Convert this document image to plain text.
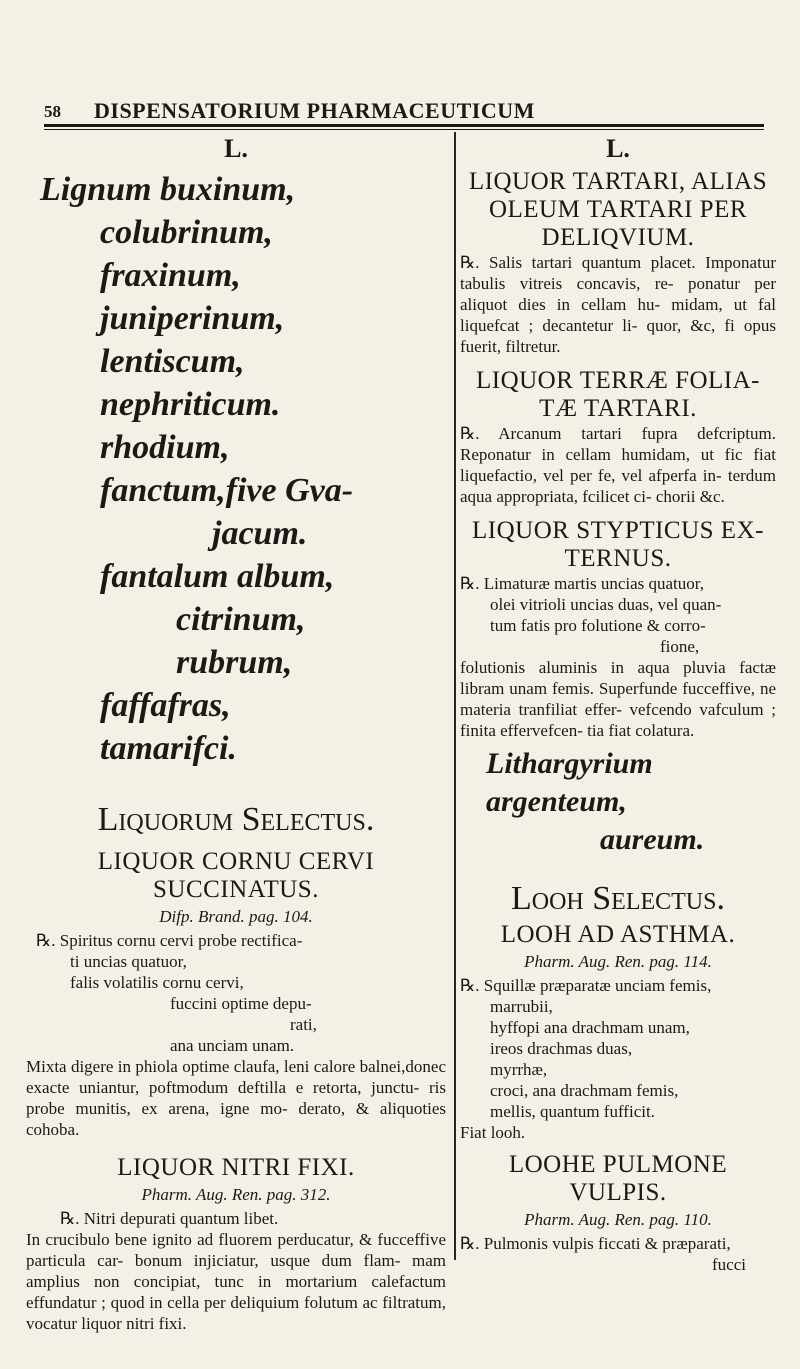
58 DISPENSATORIUM PHARMACEUTICUM
L.
Lignum buxinum,
colubrinum,
fraxinum,
juniperinum,
lentiscum,
nephriticum.
rhodium,
fanctum,five Gva-
jacum.
fantalum album,
citrinum,
rubrum,
faffafras,
tamarifci.
Liquorum Selectus.
LIQUOR CORNU CERVI
SUCCINATUS.
Difp. Brand. pag. 104.
℞. Spiritus cornu cervi probe rectifica-
ti uncias quatuor,
falis volatilis cornu cervi,
fuccini optime depu-
rati,
ana unciam unam.
Mixta digere in phiola optime claufa, leni calore balnei,donec exacte uniantur, poftmodum deftilla e retorta, junctu- ris probe munitis, ex arena, igne mo- derato, & aliquoties cohoba.
LIQUOR NITRI FIXI.
Pharm. Aug. Ren. pag. 312.
℞. Nitri depurati quantum libet.
In crucibulo bene ignito ad fluorem perducatur, & fucceffive particula car- bonum injiciatur, usque dum flam- mam amplius non concipiat, tunc in mortarium calefactum effundatur ; quod in cella per deliquium folutum ac filtratum, vocatur liquor nitri fixi.
L.
LIQUOR TARTARI, ALIAS
OLEUM TARTARI PER
DELIQVIUM.
℞. Salis tartari quantum placet. Imponatur tabulis vitreis concavis, re- ponatur per aliquot dies in cellam hu- midam, ut fal liquefcat ; decantetur li- quor, &c, fi opus fuerit, filtretur.
LIQUOR TERRÆ FOLIA-
TÆ TARTARI.
℞. Arcanum tartari fupra defcriptum. Reponatur in cellam humidam, ut fic fiat liquefactio, vel per fe, vel afperfa in- terdum aqua appropriata, fcilicet ci- chorii &c.
LIQUOR STYPTICUS EX-
TERNUS.
℞. Limaturæ martis uncias quatuor,
olei vitrioli uncias duas, vel quan-
tum fatis pro folutione & corro-
fione,
folutionis aluminis in aqua pluvia factæ libram unam femis. Superfunde fucceffive, ne materia tranfiliat effer- vefcendo vafculum ; finita effervefcen- tia fiat colatura.
Lithargyrium argenteum,
aureum.
Looh Selectus.
LOOH AD ASTHMA.
Pharm. Aug. Ren. pag. 114.
℞. Squillæ præparatæ unciam femis,
marrubii,
hyffopi ana drachmam unam,
ireos drachmas duas,
myrrhæ,
croci, ana drachmam femis,
mellis, quantum fufficit.
Fiat looh.
LOOHE PULMONE
VULPIS.
Pharm. Aug. Ren. pag. 110.
℞. Pulmonis vulpis ficcati & præparati,
fucci
